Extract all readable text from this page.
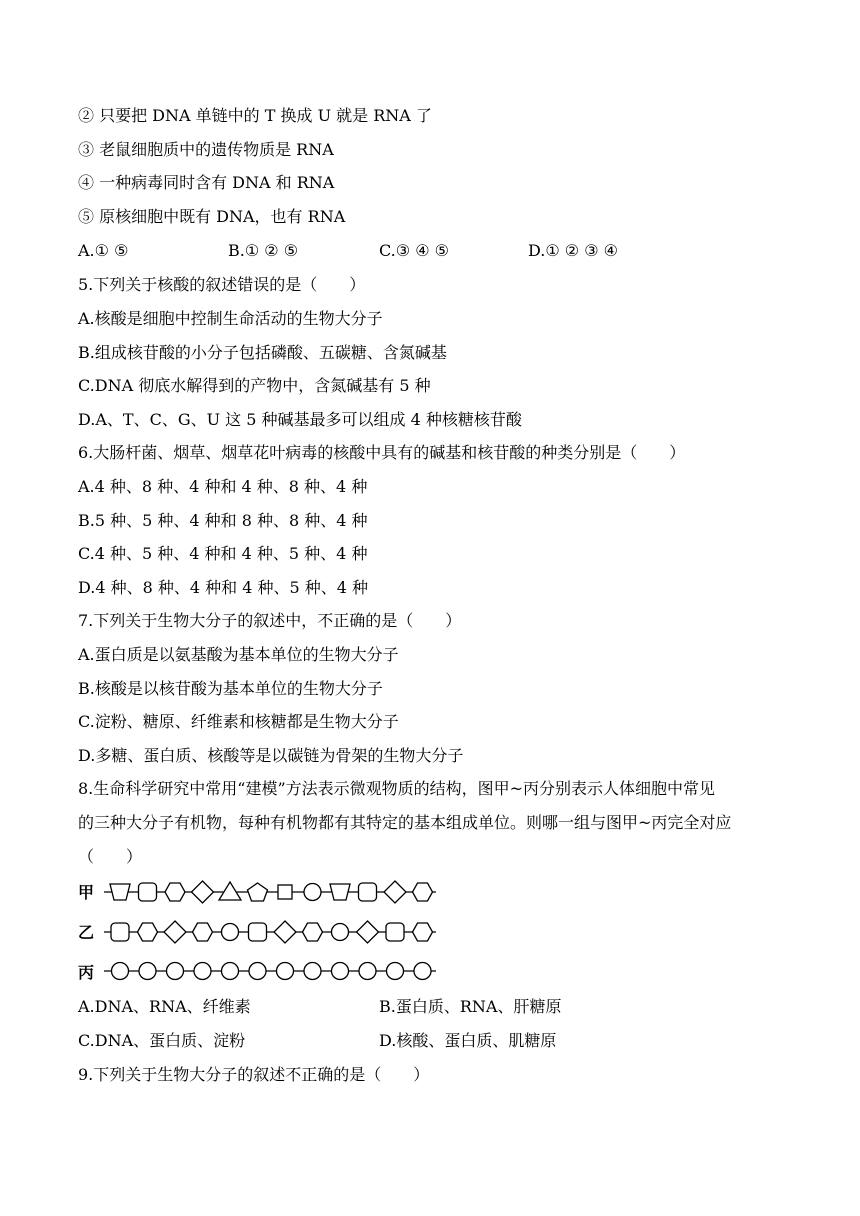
② 只要把 DNA 单链中的 T 换成 U 就是 RNA 了
③ 老鼠细胞质中的遗传物质是 RNA
④ 一种病毒同时含有 DNA 和 RNA
⑤ 原核细胞中既有 DNA，也有 RNA
A.① ⑤	B.① ② ⑤	C.③ ④ ⑤	D.① ② ③ ④
5.下列关于核酸的叙述错误的是（　　）
A.核酸是细胞中控制生命活动的生物大分子
B.组成核苷酸的小分子包括磷酸、五碳糖、含氮碱基
C.DNA 彻底水解得到的产物中，含氮碱基有 5 种
D.A、T、C、G、U 这 5 种碱基最多可以组成 4 种核糖核苷酸
6.大肠杆菌、烟草、烟草花叶病毒的核酸中具有的碱基和核苷酸的种类分别是（　　）
A.4 种、8 种、4 种和 4 种、8 种、4 种
B.5 种、5 种、4 种和 8 种、8 种、4 种
C.4 种、5 种、4 种和 4 种、5 种、4 种
D.4 种、8 种、4 种和 4 种、5 种、4 种
7.下列关于生物大分子的叙述中，不正确的是（　　）
A.蛋白质是以氨基酸为基本单位的生物大分子
B.核酸是以核苷酸为基本单位的生物大分子
C.淀粉、糖原、纤维素和核糖都是生物大分子
D.多糖、蛋白质、核酸等是以碳链为骨架的生物大分子
8.生命科学研究中常用“建模”方法表示微观物质的结构，图甲~丙分别表示人体细胞中常见
的三种大分子有机物，每种有机物都有其特定的基本组成单位。则哪一组与图甲~丙完全对应
（　　）
甲
乙
丙
A.DNA、RNA、纤维素	B.蛋白质、RNA、肝糖原
C.DNA、蛋白质、淀粉	D.核酸、蛋白质、肌糖原
9.下列关于生物大分子的叙述不正确的是（　　）
